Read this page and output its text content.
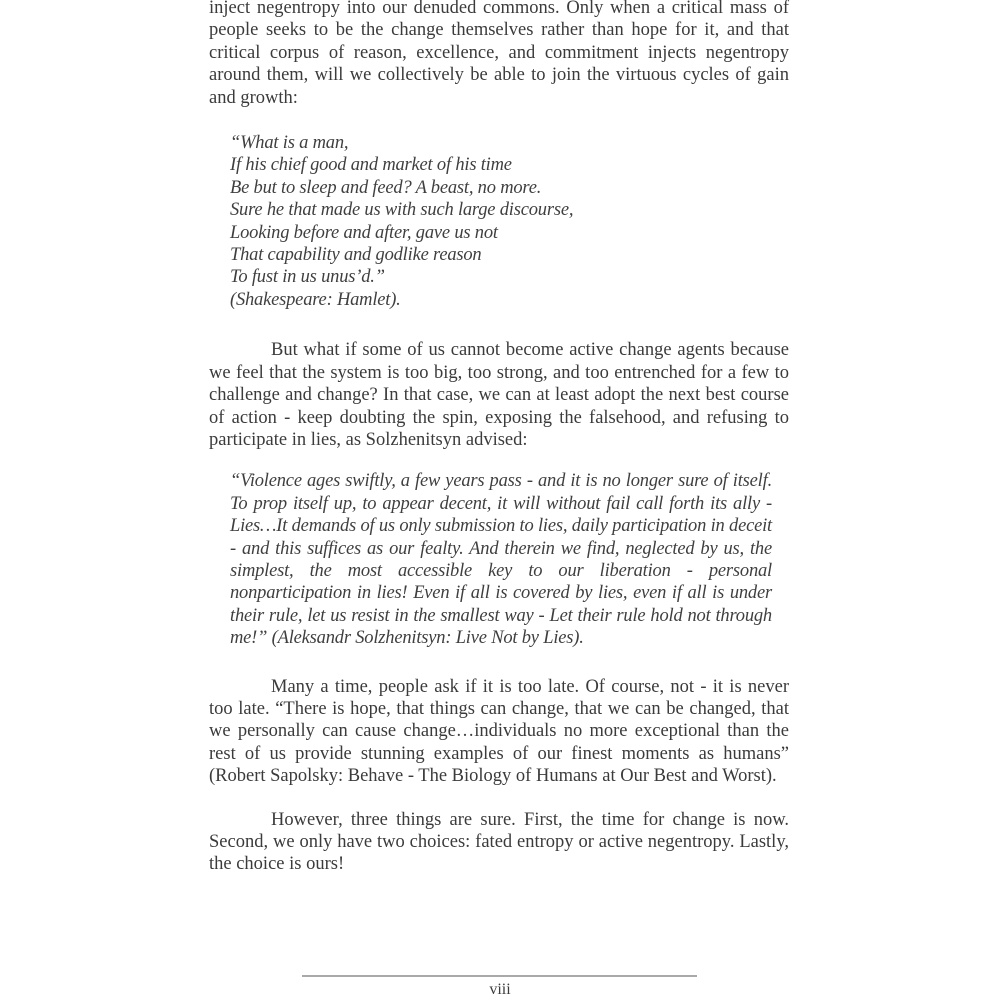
inject negentropy into our denuded commons. Only when a critical mass of people seeks to be the change themselves rather than hope for it, and that critical corpus of reason, excellence, and commitment injects negentropy around them, will we collectively be able to join the virtuous cycles of gain and growth:

“What is a man,
If his chief good and market of his time
Be but to sleep and feed? A beast, no more.
Sure he that made us with such large discourse,
Looking before and after, gave us not
That capability and godlike reason
To fust in us unus’d.”
(Shakespeare: Hamlet).

But what if some of us cannot become active change agents because we feel that the system is too big, too strong, and too entrenched for a few to challenge and change? In that case, we can at least adopt the next best course of action - keep doubting the spin, exposing the falsehood, and refusing to participate in lies, as Solzhenitsyn advised:

“Violence ages swiftly, a few years pass - and it is no longer sure of itself. To prop itself up, to appear decent, it will without fail call forth its ally - Lies…It demands of us only submission to lies, daily participation in deceit - and this suffices as our fealty. And therein we find, neglected by us, the simplest, the most accessible key to our liberation - personal nonparticipation in lies! Even if all is covered by lies, even if all is under their rule, let us resist in the smallest way - Let their rule hold not through me!” (Aleksandr Solzhenitsyn: Live Not by Lies).

Many a time, people ask if it is too late. Of course, not - it is never too late. “There is hope, that things can change, that we can be changed, that we personally can cause change…individuals no more exceptional than the rest of us provide stunning examples of our finest moments as humans” (Robert Sapolsky: Behave - The Biology of Humans at Our Best and Worst).

However, three things are sure. First, the time for change is now. Second, we only have two choices: fated entropy or active negentropy. Lastly, the choice is ours!

viii
